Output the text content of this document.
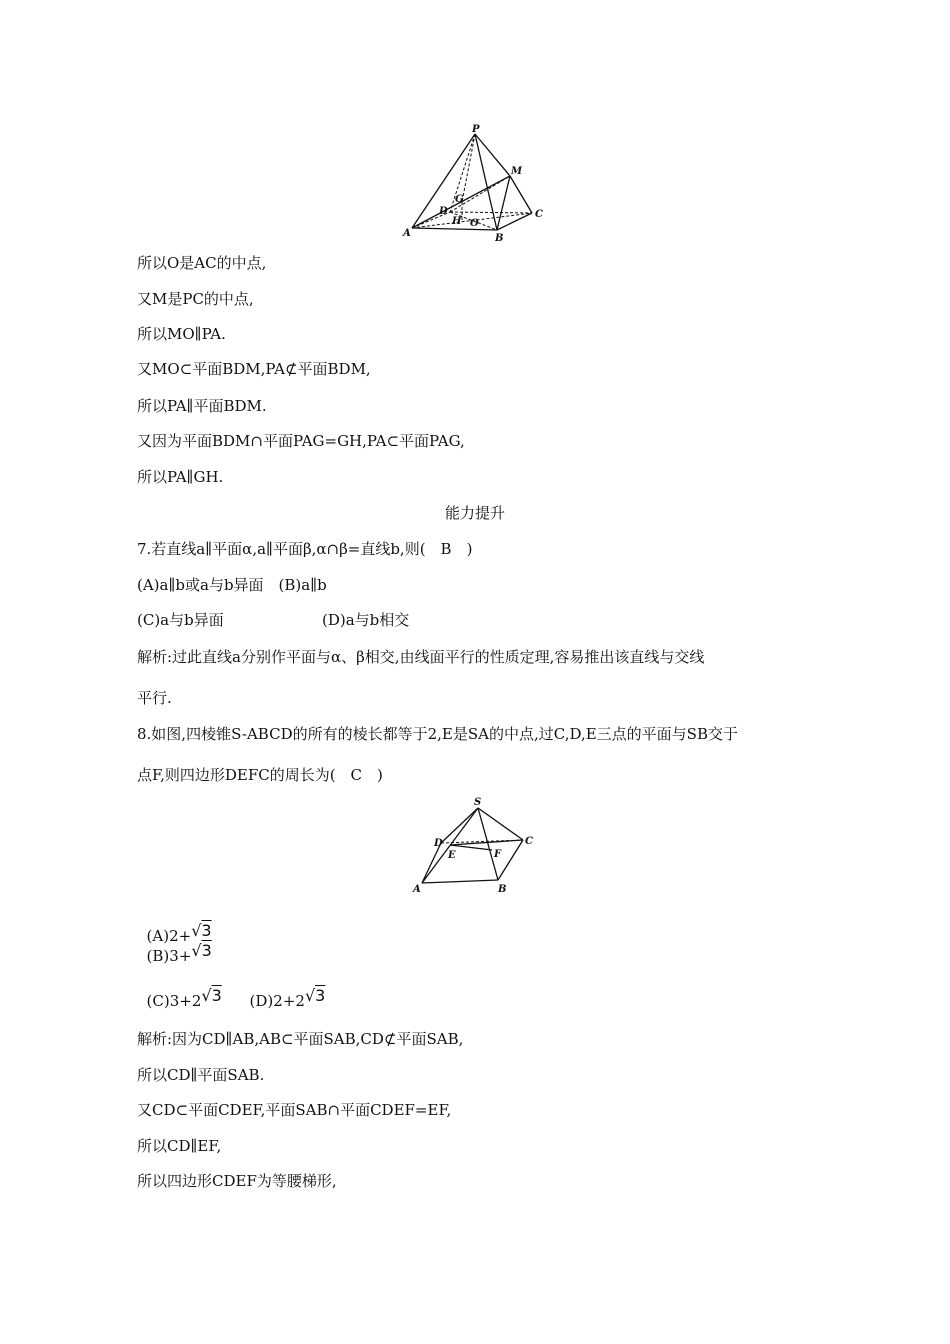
P
M
G
D
H O
C
A	B
所以O是AC的中点,
又M是PC的中点,
所以MO∥PA.
又MO⊂平面BDM,PA⊄平面BDM,
所以PA∥平面BDM.
又因为平面BDM∩平面PAG=GH,PA⊂平面PAG,
所以PA∥GH.
能力提升
7.若直线a∥平面α,a∥平面β,α∩β=直线b,则(　B　)
(A)a∥b或a与b异面　(B)a∥b
(C)a与b异面	(D)a与b相交
解析:过此直线a分别作平面与α、β相交,由线面平行的性质定理,容易推出该直线与交线
平行.
8.如图,四棱锥S-ABCD的所有的棱长都等于2,E是SA的中点,过C,D,E三点的平面与SB交于
点F,则四边形DEFC的周长为(　C　)
S
D
E	F
C
A	B

(A)2+√3
(B)3+√3

(C)3+2√3	(D)2+2√3

解析:因为CD∥AB,AB⊂平面SAB,CD⊄平面SAB,
所以CD∥平面SAB.
又CD⊂平面CDEF,平面SAB∩平面CDEF=EF,
所以CD∥EF,
所以四边形CDEF为等腰梯形,
